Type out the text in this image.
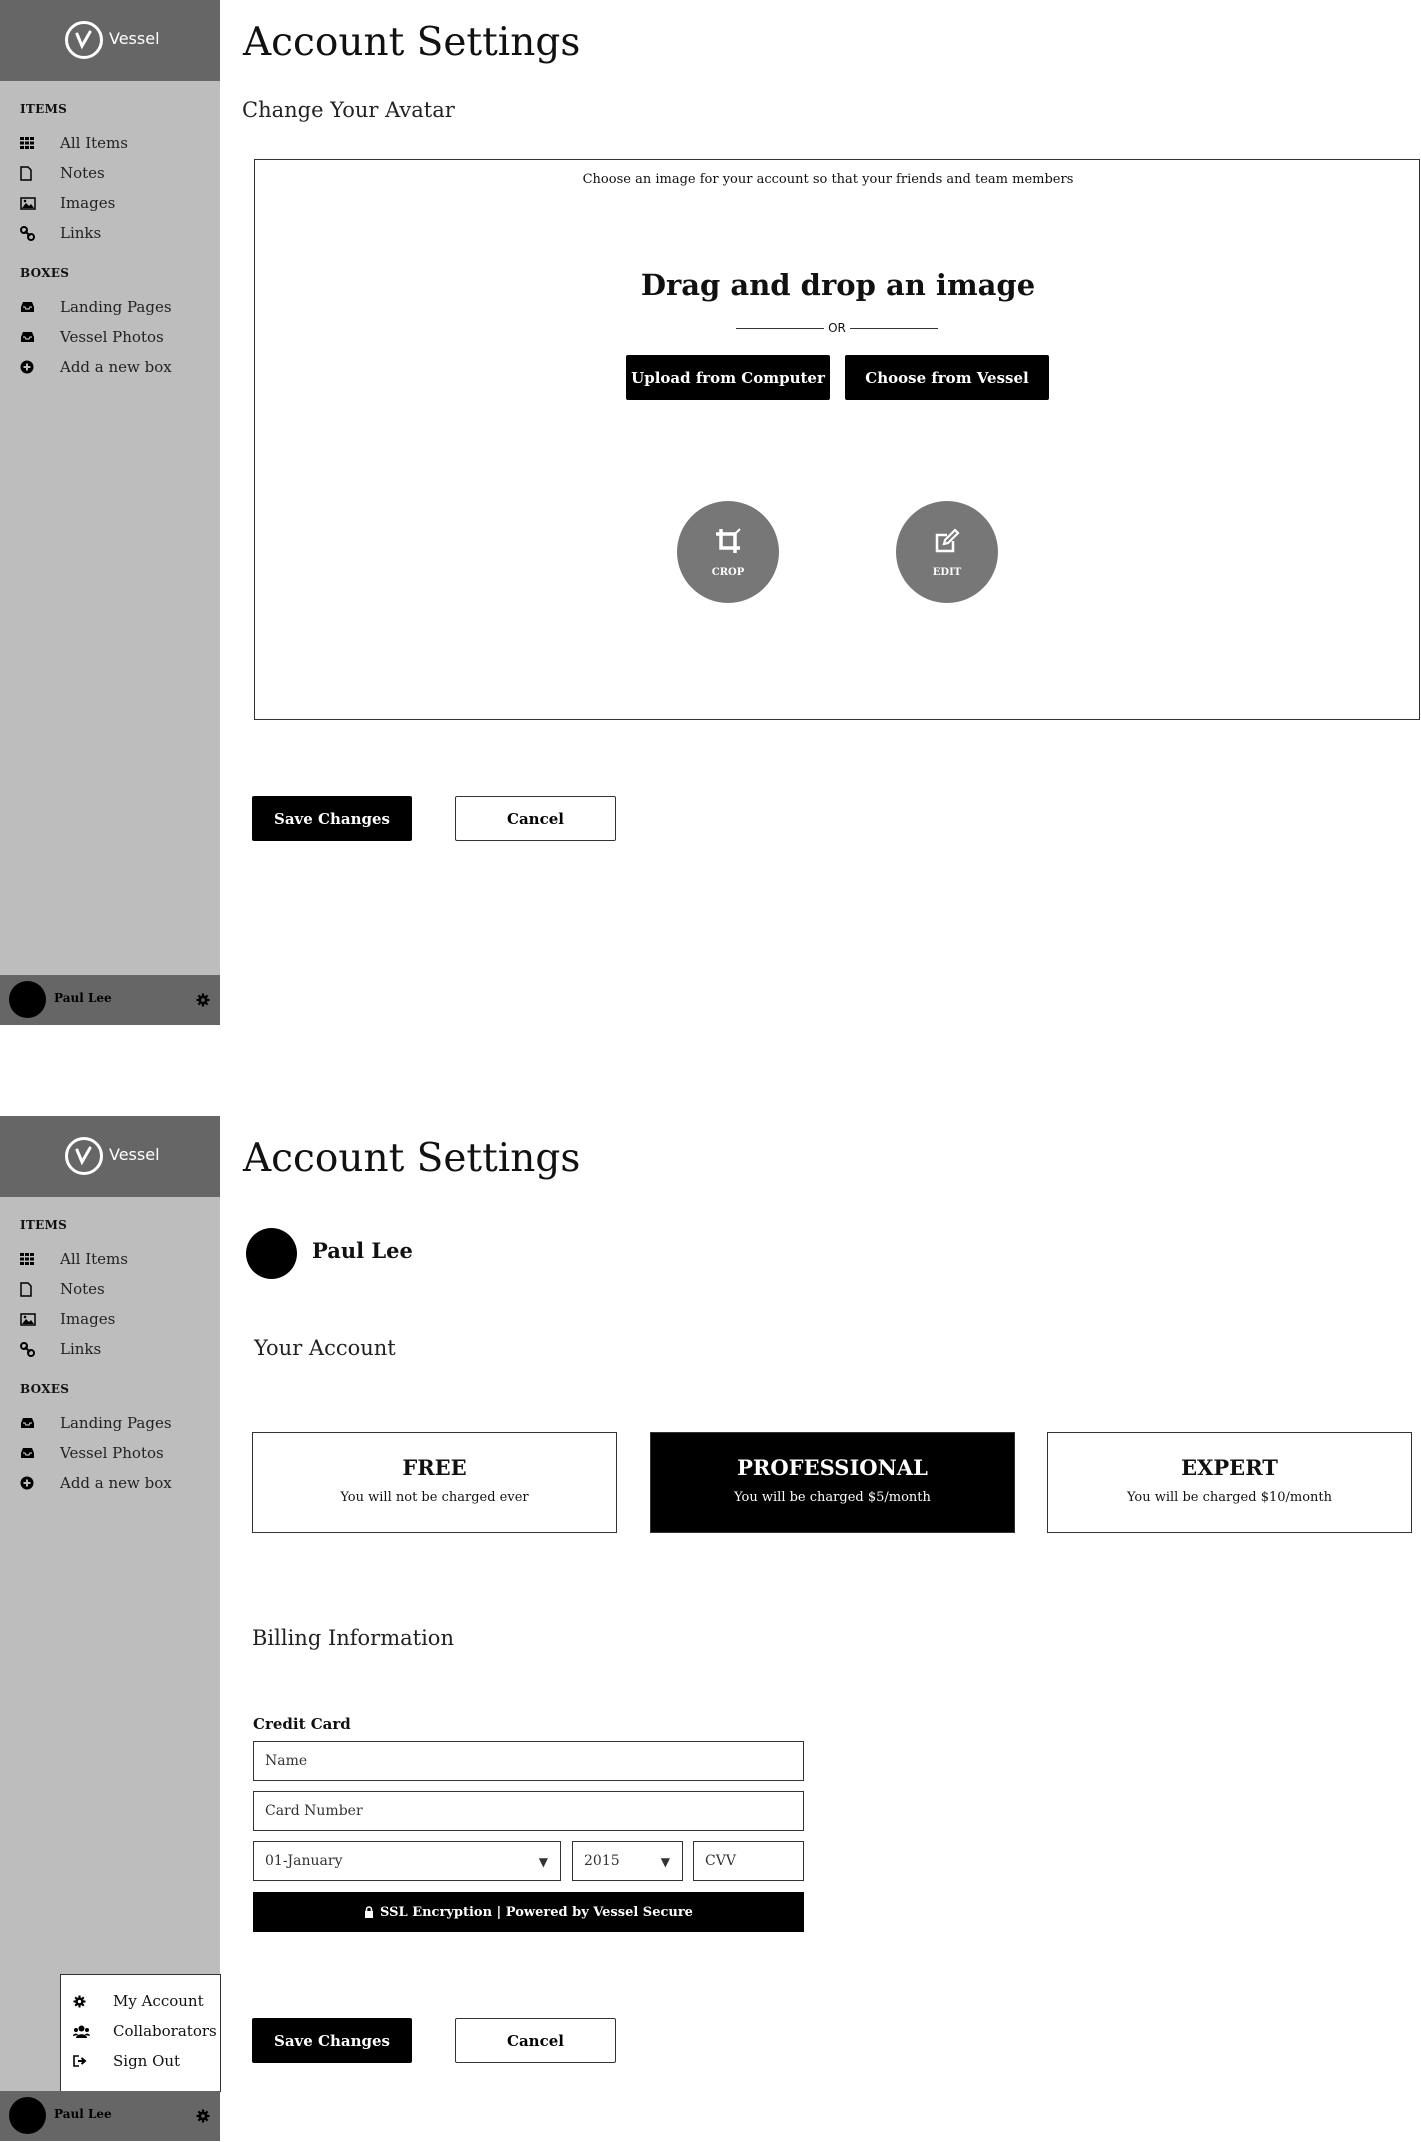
Vessel
ITEMS
All Items
Notes
Images
Links
BOXES
Landing Pages
Vessel Photos
Add a new box
Paul Lee
Account Settings
Change Your Avatar
Choose an image for your account so that your friends and team members
Drag and drop an image
OR
Upload from Computer	Choose from Vessel
CROP	EDIT
Save Changes	Cancel
Vessel
ITEMS
All Items
Notes
Images
Links
BOXES
Landing Pages
Vessel Photos
Add a new box
My Account
Collaborators
Sign Out
Paul Lee
Account Settings
Paul Lee
Your Account
FREE
You will not be charged ever
PROFESSIONAL
You will be charged $5/month
EXPERT
You will be charged $10/month
Billing Information
Credit Card
Name
Card Number
01-January	▼	2015	▼	CVV
SSL Encryption | Powered by Vessel Secure
Save Changes	Cancel
